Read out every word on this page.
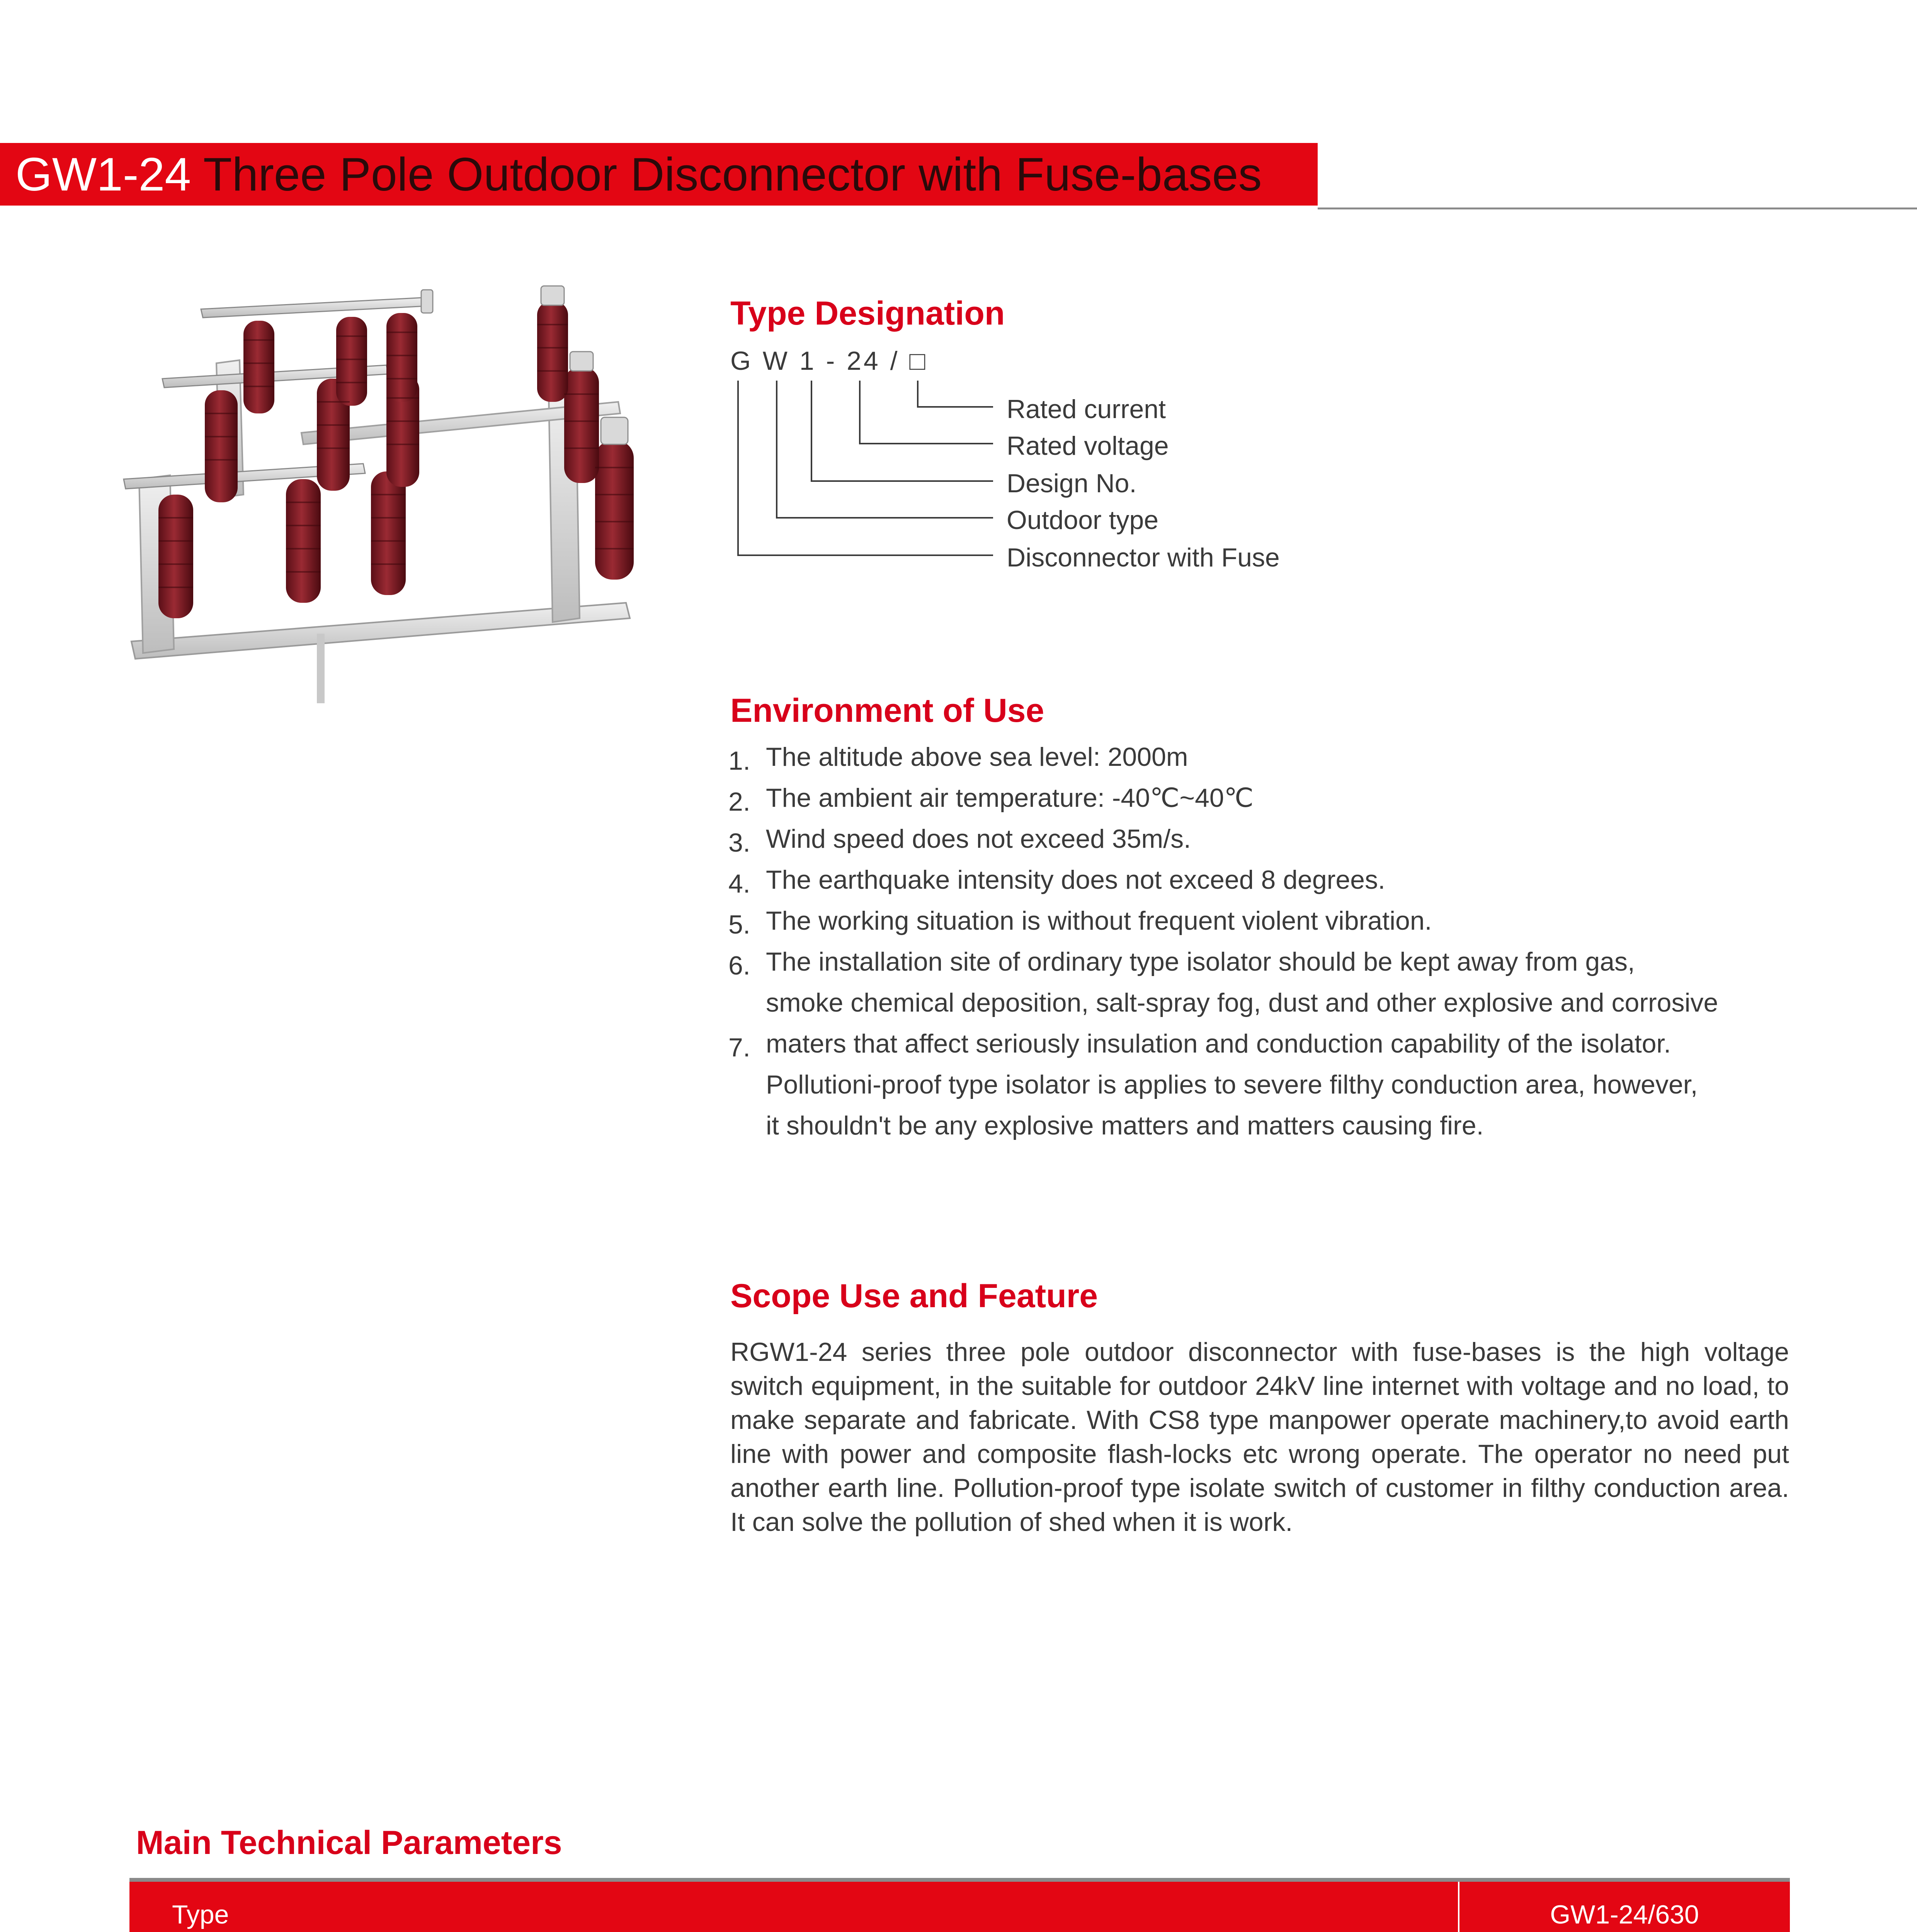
GW1-24 Three Pole Outdoor Disconnector with Fuse-bases
Type Designation
G W 1 - 24 / □
Rated current
Rated voltage
Design No.
Outdoor type
Disconnector with Fuse
Environment of Use
1.
2.
3.
4.
5.
6.
7.
The altitude above sea level: 2000m
The ambient air temperature: -40℃~40℃
Wind speed does not exceed 35m/s.
The earthquake intensity does not exceed 8 degrees.
The working situation is without frequent violent vibration.
The installation site of ordinary type isolator should be kept away from gas,
smoke chemical deposition, salt-spray fog, dust and other explosive and corrosive
maters that affect seriously insulation and conduction capability of the isolator.
Pollutioni-proof type isolator is applies to severe filthy conduction area, however,
it shouldn't be any explosive matters and matters causing fire.
Scope Use and Feature
RGW1-24 series three pole outdoor disconnector with fuse-bases is the high voltage switch equipment, in the suitable for outdoor 24kV line internet with voltage and no load, to make separate and fabricate. With CS8 type manpower operate machinery,to avoid earth line with power and composite flash-locks etc wrong operate. The operator no need put another earth line. Pollution-proof type isolate switch of customer in filthy conduction area. It can solve the pollution of shed when it is work.
Main Technical Parameters
Type			GW1-24/630
